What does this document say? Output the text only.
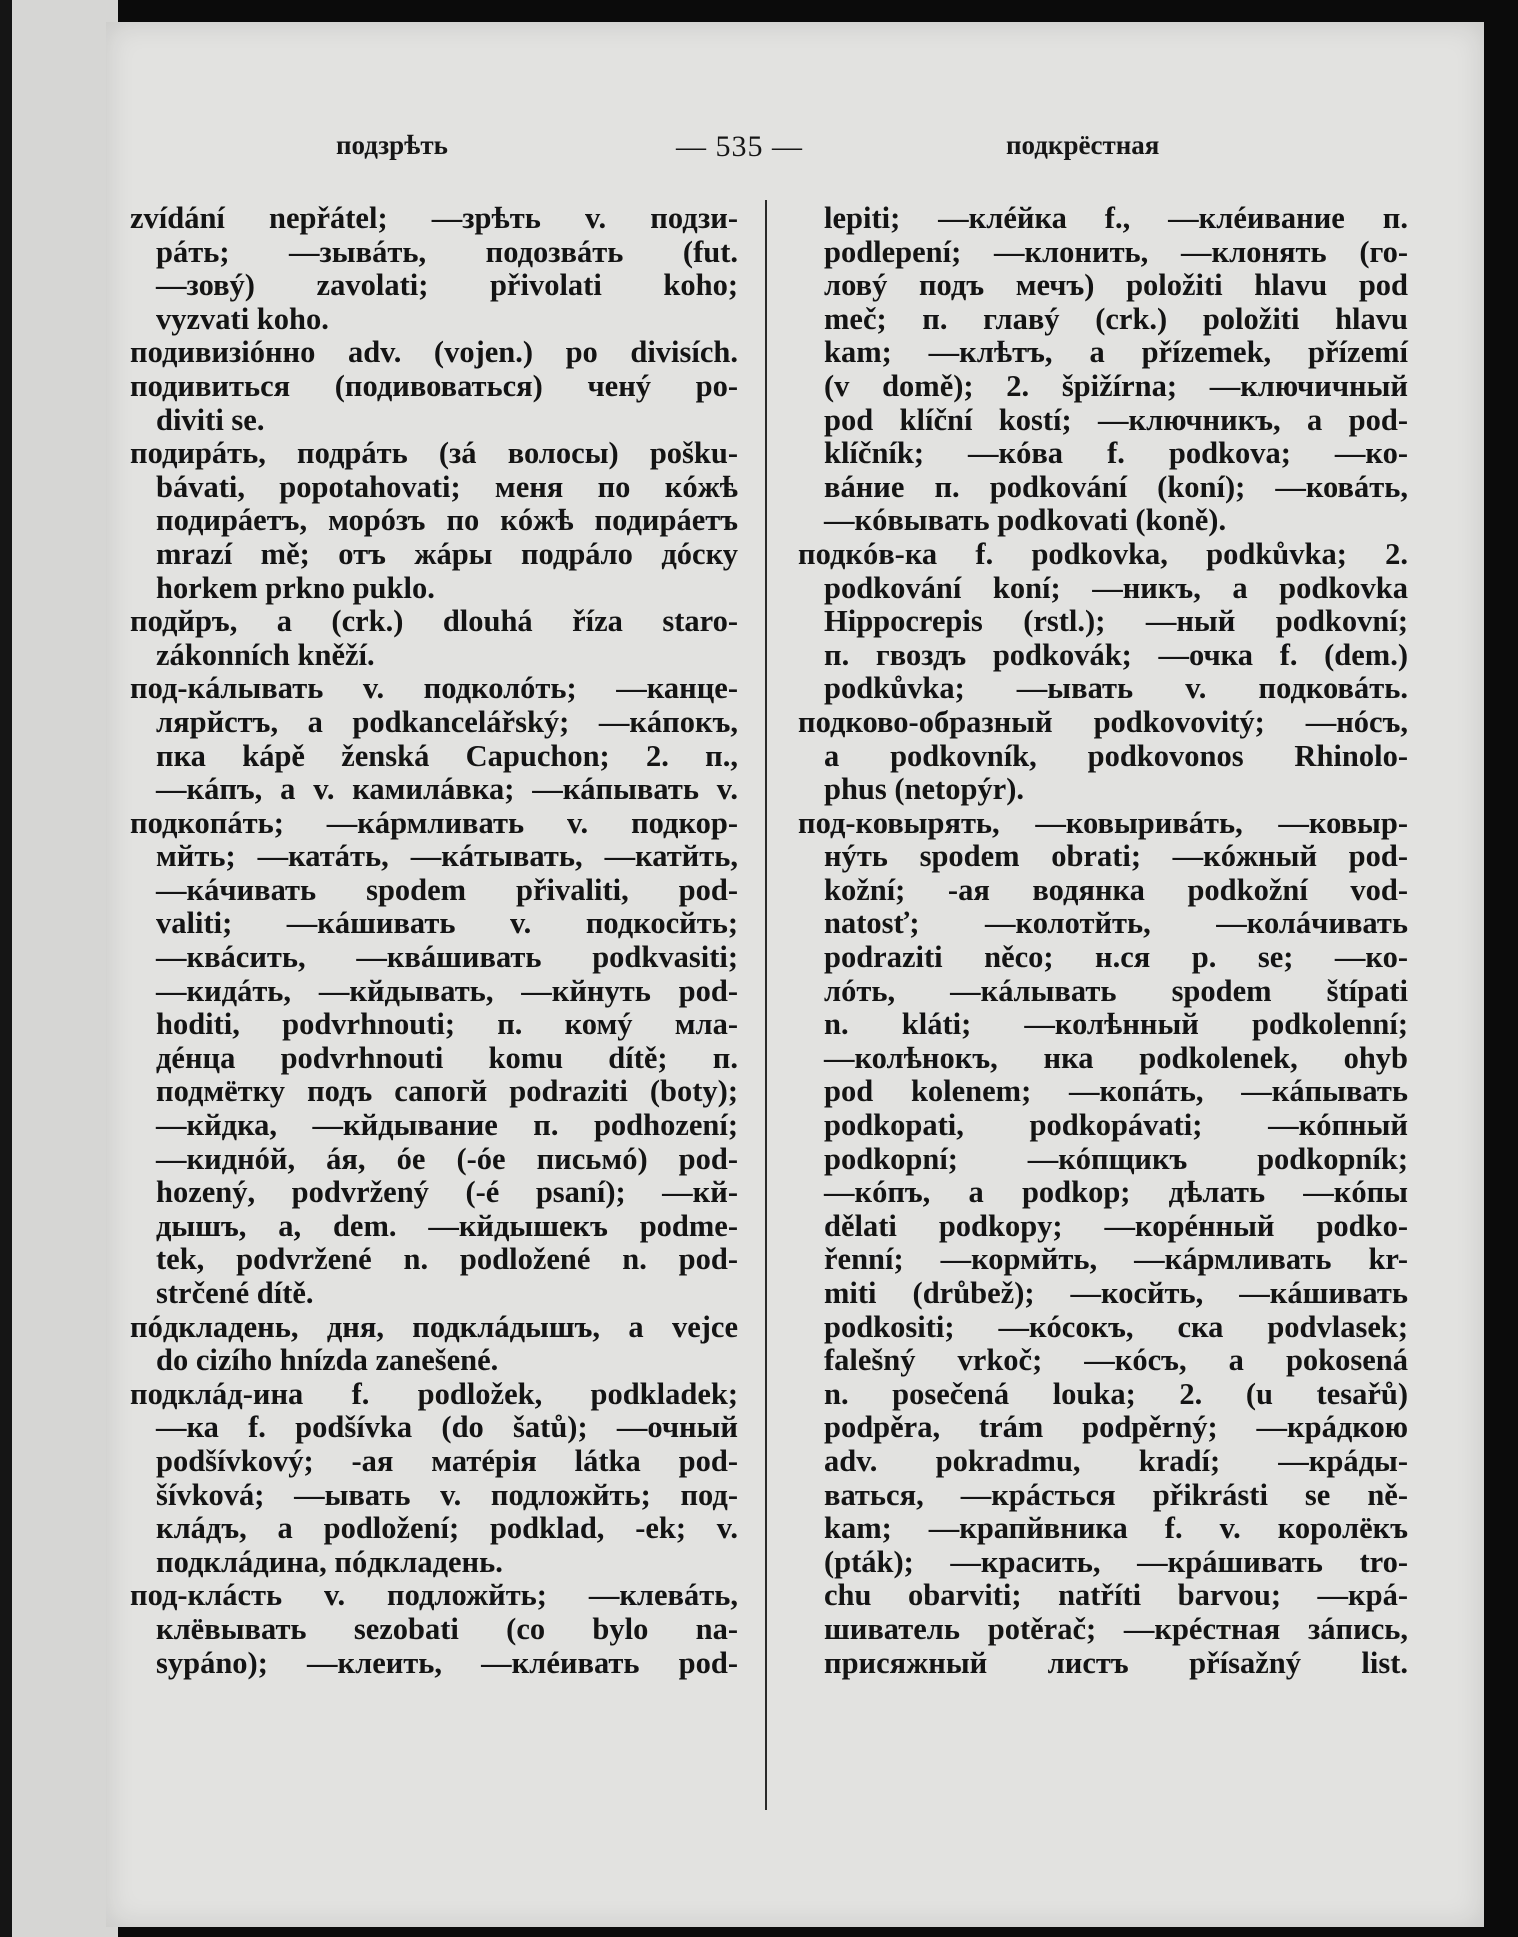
подзрѣть	— 535 —	подкрёстная
zvídání nepřátel; —зрѣть v. подзи-
рáть; —зывáть, подозвáть (fut.
—зовý) zavolati; přivolati koho;
vyzvati koho.
подивизióнно adv. (vojen.) po divisích.
подивиться (подивоваться) ченý po-
diviti se.
подирáть, подрáть (зá волосы) pošku-
bávati, popotahovati; меня по кóжѣ
подирáетъ, морóзъ по кóжѣ подирáетъ
mrazí mě; отъ жáры подрáло дóску
horkem prkno puklo.
подйръ, а (crk.) dlouhá říza staro-
zákonních kněží.
под-кáлывать v. подколóть; —канце-
лярйстъ, a podkancelářský; —кáпокъ,
пка kápě ženská Capuchon; 2. п.,
—кáпъ, а v. камилáвка; —кáпывать v.
подкопáть; —кáрмливать v. подкор-
мйть; —катáть, —кáтывать, —катйть,
—кáчивать spodem přivaliti, pod-
valiti; —кáшивать v. подкосйть;
—квáсить, —квáшивать podkvasiti;
—кидáть, —кйдывать, —кйнуть pod-
hoditi, podvrhnouti; п. комý мла-
дéнца podvrhnouti komu dítě; п.
подмётку подъ сапогй podraziti (boty);
—кйдка, —кйдывание п. podhození;
—киднóй, áя, óе (-óе письмó) pod-
hozený, podvržený (-é psaní); —кй-
дышъ, а, dem. —кйдышекъ podme-
tek, podvržené n. podložené n. pod-
strčené dítě.
пóдкладень, дня, подклáдышъ, а vejce
do cizího hnízda zanešené.
подклáд-ина f. podložek, podkladek;
—ка f. podšívka (do šatů); —очный
podšívkový; -ая матéрiя látka pod-
šívková; —ывать v. подложйть; под-
клáдъ, a podložení; podklad, -ek; v.
подклáдина, пóдкладень.
под-клáсть v. подложйть; —клевáть,
клёвывать sezobati (co bylo na-
sypáno); —клеить, —клéивать pod-
lepiti; —клéйка f., —клéивание п.
podlepení; —клонить, —клонять (го-
ловý подъ мечъ) položiti hlavu pod
meč; п. главý (crk.) položiti hlavu
kam; —клѣтъ, а přízemek, přízemí
(v domě); 2. špižírna; —ключичный
pod klíční kostí; —ключникъ, a pod-
klíčník; —кóва f. podkova; —ко-
вáние п. podkování (koní); —ковáть,
—кóвывать podkovati (koně).
подкóв-ка f. podkovka, podkůvka; 2.
podkování koní; —никъ, a podkovka
Hippocrepis (rstl.); —ный podkovní;
п. гвоздъ podkovák; —очка f. (dem.)
podkůvka; —ывать v. подковáть.
подково-образный podkovovitý; —нóсъ,
a podkovník, podkovonos Rhinolo-
phus (netopýr).
под-ковырять, —ковыривáть, —ковыр-
нýть spodem obrati; —кóжный pod-
kožní; -ая водянка podkožní vod-
natosť; —колотйть, —колáчивать
podraziti něco; н.ся p. se; —ко-
лóть, —кáлывать spodem štípati
n. kláti; —колѣнный podkolenní;
—колѣнокъ, нка podkolenek, ohyb
pod kolenem; —копáть, —кáпывать
podkopati, podkopávati; —кóпный
podkopní; —кóпщикъ podkopník;
—кóпъ, a podkop; дѣлать —кóпы
dělati podkopy; —корéнный podko-
řenní; —кормйть, —кáрмливать kr-
miti (drůbež); —косйть, —кáшивать
podkositi; —кóсокъ, ска podvlasek;
falešný vrkoč; —кóсъ, a pokosená
n. posečená louka; 2. (u tesařů)
podpěra, trám podpěrný; —крáдкою
adv. pokradmu, kradí; —крáды-
ваться, —крáсться přikrásti se ně-
kam; —крапйвника f. v. королёкъ
(pták); —красить, —крáшивать tro-
chu obarviti; natříti barvou; —крá-
шиватель potěrač; —крéстная зáпись,
присяжный листъ přísažný list.
